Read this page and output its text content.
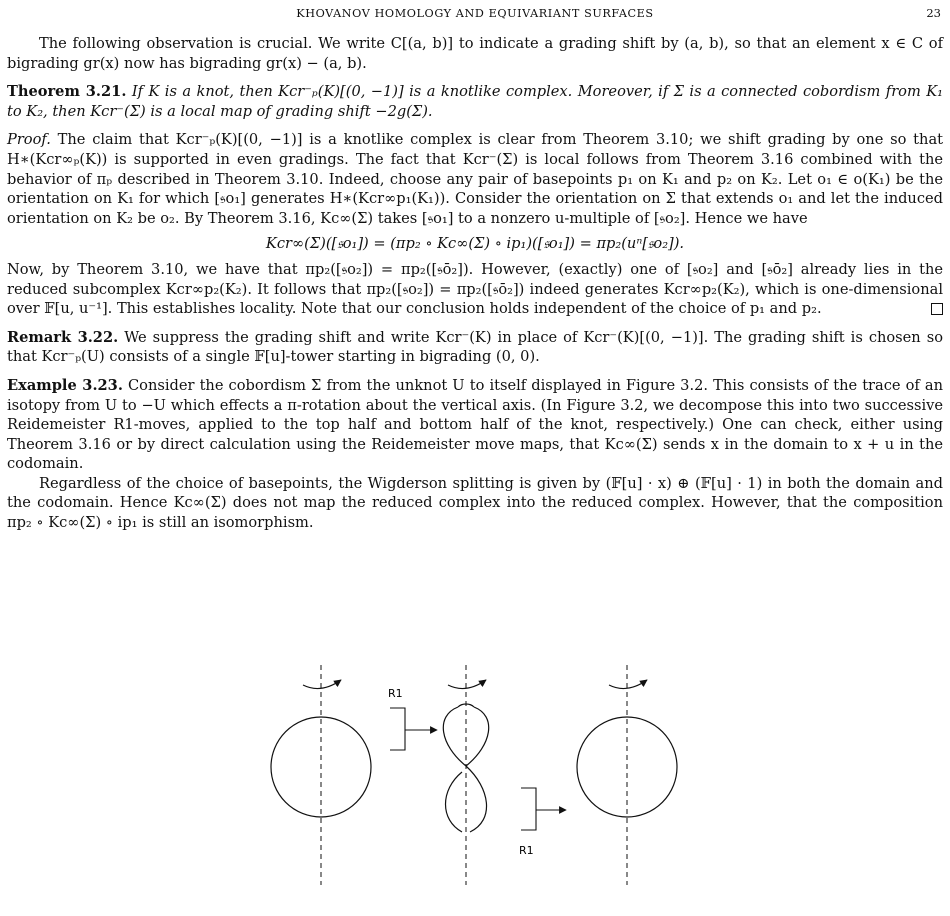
KHOVANOV HOMOLOGY AND EQUIVARIANT SURFACES	23

The following observation is crucial. We write C[(a, b)] to indicate a grading shift by (a, b), so that an element x ∈ C of bigrading gr(x) now has bigrading gr(x) − (a, b).

Theorem 3.21. If K is a knot, then Kcr⁻ₚ(K)[(0, −1)] is a knotlike complex. Moreover, if Σ is a connected cobordism from K₁ to K₂, then Kcr⁻(Σ) is a local map of grading shift −2g(Σ).

Proof. The claim that Kcr⁻ₚ(K)[(0, −1)] is a knotlike complex is clear from Theorem 3.10; we shift grading by one so that H∗(Kcr∞ₚ(K)) is supported in even gradings. The fact that Kcr⁻(Σ) is local follows from Theorem 3.16 combined with the behavior of πₚ described in Theorem 3.10. Indeed, choose any pair of basepoints p₁ on K₁ and p₂ on K₂. Let o₁ ∈ o(K₁) be the orientation on K₁ for which [𝔰o₁] generates H∗(Kcr∞p₁(K₁)). Consider the orientation on Σ that extends o₁ and let the induced orientation on K₂ be o₂. By Theorem 3.16, Kc∞(Σ) takes [𝔰o₁] to a nonzero u-multiple of [𝔰o₂]. Hence we have

Kcr∞(Σ)([𝔰o₁]) = (πp₂ ∘ Kc∞(Σ) ∘ ip₁)([𝔰o₁]) = πp₂(uⁿ[𝔰o₂]).

Now, by Theorem 3.10, we have that πp₂([𝔰o₂]) = πp₂([𝔰ō₂]). However, (exactly) one of [𝔰o₂] and [𝔰ō₂] already lies in the reduced subcomplex Kcr∞p₂(K₂). It follows that πp₂([𝔰o₂]) = πp₂([𝔰ō₂]) indeed generates Kcr∞p₂(K₂), which is one-dimensional over 𝔽[u, u⁻¹]. This establishes locality. Note that our conclusion holds independent of the choice of p₁ and p₂.

Remark 3.22. We suppress the grading shift and write Kcr⁻(K) in place of Kcr⁻(K)[(0, −1)]. The grading shift is chosen so that Kcr⁻ₚ(U) consists of a single 𝔽[u]-tower starting in bigrading (0, 0).

Example 3.23. Consider the cobordism Σ from the unknot U to itself displayed in Figure 3.2. This consists of the trace of an isotopy from U to −U which effects a π-rotation about the vertical axis. (In Figure 3.2, we decompose this into two successive Reidemeister R1-moves, applied to the top half and bottom half of the knot, respectively.) One can check, either using Theorem 3.16 or by direct calculation using the Reidemeister move maps, that Kc∞(Σ) sends x in the domain to x + u in the codomain.

Regardless of the choice of basepoints, the Wigderson splitting is given by (𝔽[u] · x) ⊕ (𝔽[u] · 1) in both the domain and the codomain. Hence Kc∞(Σ) does not map the reduced complex into the reduced complex. However, that the composition πp₂ ∘ Kc∞(Σ) ∘ ip₁ is still an isomorphism.

R1
R1
